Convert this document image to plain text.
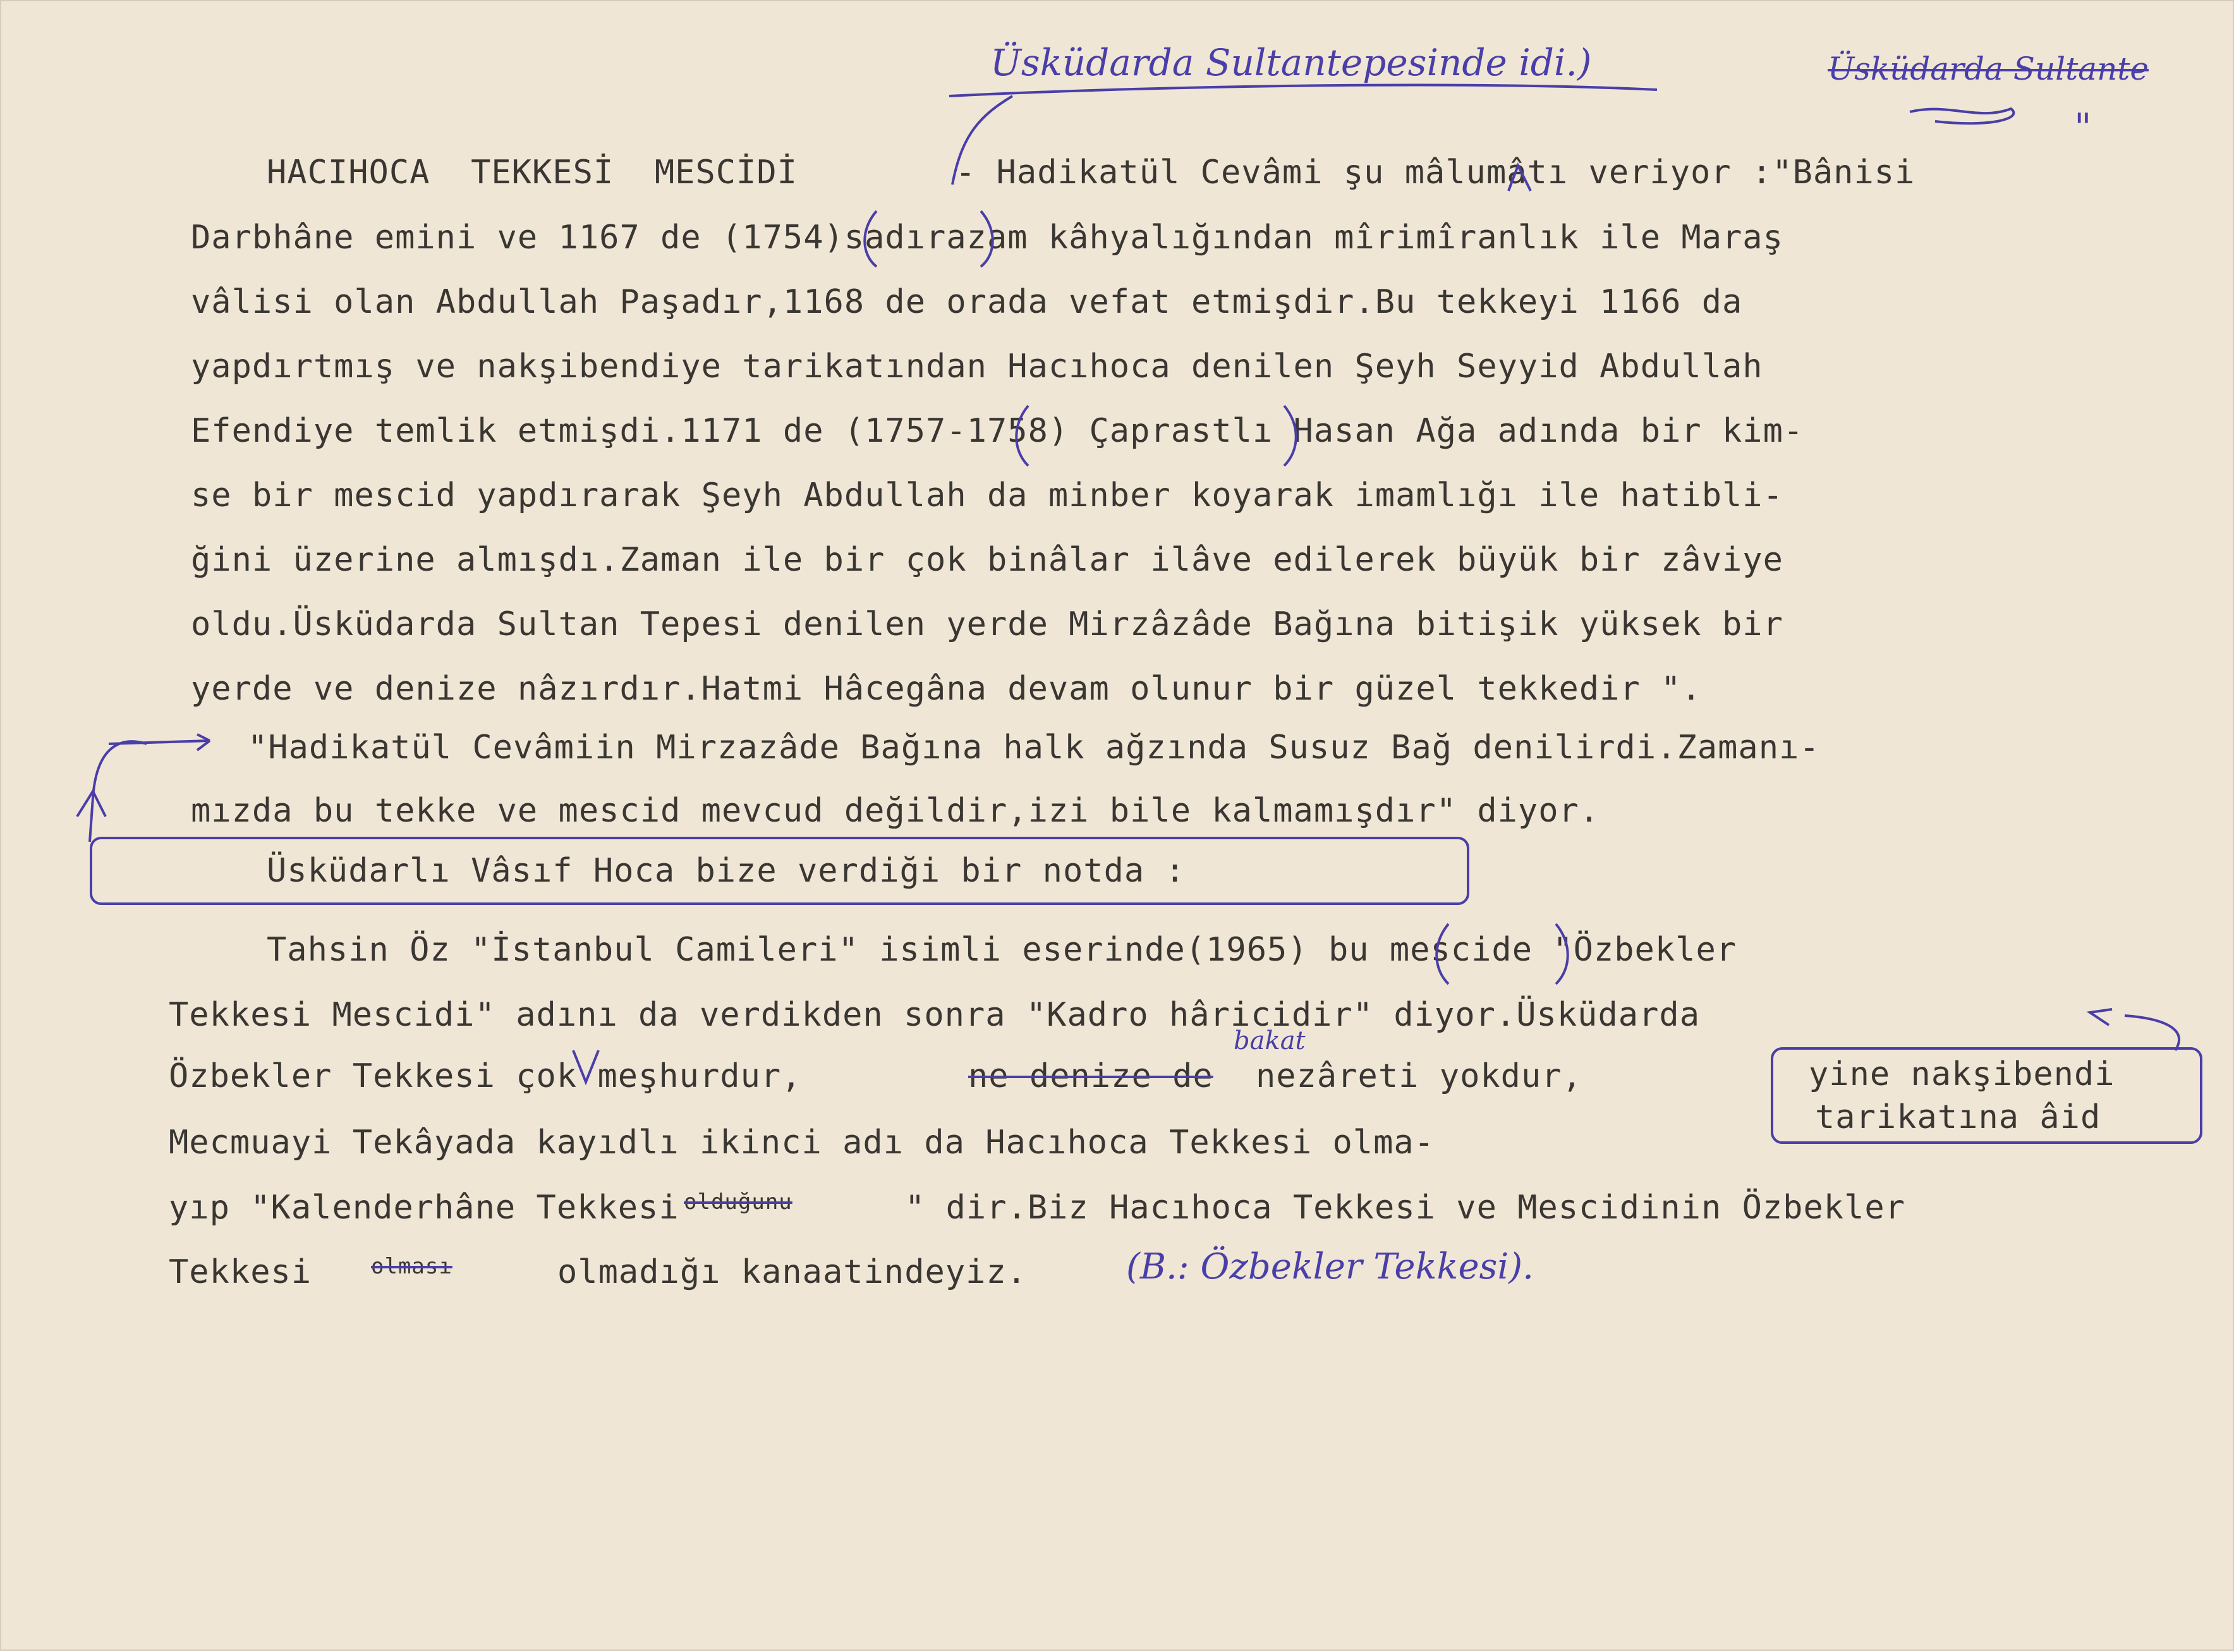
Üsküdarda Sultantepesinde idi.)	Üsküdarda Sultante
"
HACIHOCA  TEKKESİ  MESCİDİ	- Hadikatül Cevâmi şu mâlumâtı veriyor :"Bânisi
Darbhâne emini ve 1167 de (1754)sadırazam kâhyalığından mîrimîranlık ile Maraş
vâlisi olan Abdullah Paşadır,1168 de orada vefat etmişdir.Bu tekkeyi 1166 da
yapdırtmış ve nakşibendiye tarikatından Hacıhoca denilen Şeyh Seyyid Abdullah
Efendiye temlik etmişdi.1171 de (1757-1758) Çaprastlı Hasan Ağa adında bir kim-
se bir mescid yapdırarak Şeyh Abdullah da minber koyarak imamlığı ile hatibli-
ğini üzerine almışdı.Zaman ile bir çok binâlar ilâve edilerek büyük bir zâviye
oldu.Üsküdarda Sultan Tepesi denilen yerde Mirzâzâde Bağına bitişik yüksek bir
yerde ve denize nâzırdır.Hatmi Hâcegâna devam olunur bir güzel tekkedir ".
"Hadikatül Cevâmiin Mirzazâde Bağına halk ağzında Susuz Bağ denilirdi.Zamanı-
mızda bu tekke ve mescid mevcud değildir,izi bile kalmamışdır" diyor.
Üsküdarlı Vâsıf Hoca bize verdiği bir notda :
Tahsin Öz "İstanbul Camileri" isimli eserinde(1965) bu mescide "Özbekler
Tekkesi Mescidi" adını da verdikden sonra "Kadro hâricidir" diyor.Üsküdarda
Özbekler Tekkesi çok meşhurdur,	ne denize de
bakat
nezâreti yokdur,
Mecmuayi Tekâyada kayıdlı ikinci adı da Hacıhoca Tekkesi olma-
yıp "Kalenderhâne Tekkesi olduğunu	" dir.Biz Hacıhoca Tekkesi ve Mescidinin Özbekler
Tekkesi	olması	olmadığı kanaatindeyiz.	(B.: Özbekler Tekkesi).
yine nakşibendi
tarikatına âid
